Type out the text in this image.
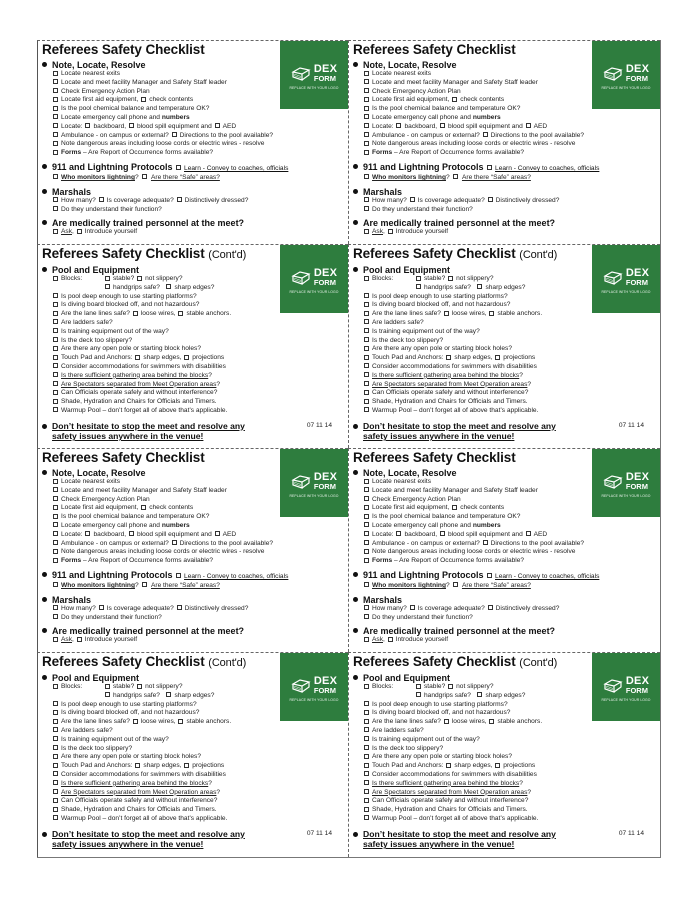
DEX
FORM
REPLACE WITH YOUR LOGO
Referees Safety Checklist
Note, Locate, Resolve
Locate nearest exits
Locate and meet facility Manager and Safety Staff leader
Check Emergency Action Plan
Locate first aid equipment, check contents
Is the pool chemical balance and temperature OK?
Locate emergency call phone and numbers
Locate: backboard, blood spill equipment and AED
Ambulance - on campus or external? Directions to the pool available?
Note dangerous areas including loose cords or electric wires - resolve
Forms – Are Report of Occurrence forms available?
911 and Lightning Protocols Learn - Convey to coaches, officials
Who monitors lightning? Are there “Safe” areas?
Marshals
How many? Is coverage adequate? Distinctively dressed?
Do they understand their function?
Are medically trained personnel at the meet?
Ask, Introduce yourself
DEX
FORM
REPLACE WITH YOUR LOGO
Referees Safety Checklist
Note, Locate, Resolve
Locate nearest exits
Locate and meet facility Manager and Safety Staff leader
Check Emergency Action Plan
Locate first aid equipment, check contents
Is the pool chemical balance and temperature OK?
Locate emergency call phone and numbers
Locate: backboard, blood spill equipment and AED
Ambulance - on campus or external? Directions to the pool available?
Note dangerous areas including loose cords or electric wires - resolve
Forms – Are Report of Occurrence forms available?
911 and Lightning Protocols Learn - Convey to coaches, officials
Who monitors lightning? Are there “Safe” areas?
Marshals
How many? Is coverage adequate? Distinctively dressed?
Do they understand their function?
Are medically trained personnel at the meet?
Ask, Introduce yourself
DEX
FORM
REPLACE WITH YOUR LOGO
Referees Safety Checklist (Cont'd)
Pool and Equipment
Blocks:	stable? not slippery?
handgrips safe? sharp edges?
Is pool deep enough to use starting platforms?
Is diving board blocked off, and not hazardous?
Are the lane lines safe? loose wires, stable anchors.
Are ladders safe?
Is training equipment out of the way?
Is the deck too slippery?
Are there any open pole or starting block holes?
Touch Pad and Anchors: sharp edges, projections
Consider accommodations for swimmers with disabilities
Is there sufficient gathering area behind the blocks?
Are Spectators separated from Meet Operation areas?
Can Officials operate safely and without interference?
Shade, Hydration and Chairs for Officials and Timers.
Warmup Pool – don’t forget all of above that’s applicable.
Don’t hesitate to stop the meet and resolve any safety issues anywhere in the venue!
07 11 14
DEX
FORM
REPLACE WITH YOUR LOGO
Referees Safety Checklist (Cont'd)
Pool and Equipment
Blocks:	stable? not slippery?
handgrips safe? sharp edges?
Is pool deep enough to use starting platforms?
Is diving board blocked off, and not hazardous?
Are the lane lines safe? loose wires, stable anchors.
Are ladders safe?
Is training equipment out of the way?
Is the deck too slippery?
Are there any open pole or starting block holes?
Touch Pad and Anchors: sharp edges, projections
Consider accommodations for swimmers with disabilities
Is there sufficient gathering area behind the blocks?
Are Spectators separated from Meet Operation areas?
Can Officials operate safely and without interference?
Shade, Hydration and Chairs for Officials and Timers.
Warmup Pool – don’t forget all of above that’s applicable.
Don’t hesitate to stop the meet and resolve any safety issues anywhere in the venue!
07 11 14
DEX
FORM
REPLACE WITH YOUR LOGO
Referees Safety Checklist
Note, Locate, Resolve
Locate nearest exits
Locate and meet facility Manager and Safety Staff leader
Check Emergency Action Plan
Locate first aid equipment, check contents
Is the pool chemical balance and temperature OK?
Locate emergency call phone and numbers
Locate: backboard, blood spill equipment and AED
Ambulance - on campus or external? Directions to the pool available?
Note dangerous areas including loose cords or electric wires - resolve
Forms – Are Report of Occurrence forms available?
911 and Lightning Protocols Learn - Convey to coaches, officials
Who monitors lightning? Are there “Safe” areas?
Marshals
How many? Is coverage adequate? Distinctively dressed?
Do they understand their function?
Are medically trained personnel at the meet?
Ask, Introduce yourself
DEX
FORM
REPLACE WITH YOUR LOGO
Referees Safety Checklist
Note, Locate, Resolve
Locate nearest exits
Locate and meet facility Manager and Safety Staff leader
Check Emergency Action Plan
Locate first aid equipment, check contents
Is the pool chemical balance and temperature OK?
Locate emergency call phone and numbers
Locate: backboard, blood spill equipment and AED
Ambulance - on campus or external? Directions to the pool available?
Note dangerous areas including loose cords or electric wires - resolve
Forms – Are Report of Occurrence forms available?
911 and Lightning Protocols Learn - Convey to coaches, officials
Who monitors lightning? Are there “Safe” areas?
Marshals
How many? Is coverage adequate? Distinctively dressed?
Do they understand their function?
Are medically trained personnel at the meet?
Ask, Introduce yourself
DEX
FORM
REPLACE WITH YOUR LOGO
Referees Safety Checklist (Cont'd)
Pool and Equipment
Blocks:	stable? not slippery?
handgrips safe? sharp edges?
Is pool deep enough to use starting platforms?
Is diving board blocked off, and not hazardous?
Are the lane lines safe? loose wires, stable anchors.
Are ladders safe?
Is training equipment out of the way?
Is the deck too slippery?
Are there any open pole or starting block holes?
Touch Pad and Anchors: sharp edges, projections
Consider accommodations for swimmers with disabilities
Is there sufficient gathering area behind the blocks?
Are Spectators separated from Meet Operation areas?
Can Officials operate safely and without interference?
Shade, Hydration and Chairs for Officials and Timers.
Warmup Pool – don’t forget all of above that’s applicable.
Don’t hesitate to stop the meet and resolve any safety issues anywhere in the venue!
07 11 14
DEX
FORM
REPLACE WITH YOUR LOGO
Referees Safety Checklist (Cont'd)
Pool and Equipment
Blocks:	stable? not slippery?
handgrips safe? sharp edges?
Is pool deep enough to use starting platforms?
Is diving board blocked off, and not hazardous?
Are the lane lines safe? loose wires, stable anchors.
Are ladders safe?
Is training equipment out of the way?
Is the deck too slippery?
Are there any open pole or starting block holes?
Touch Pad and Anchors: sharp edges, projections
Consider accommodations for swimmers with disabilities
Is there sufficient gathering area behind the blocks?
Are Spectators separated from Meet Operation areas?
Can Officials operate safely and without interference?
Shade, Hydration and Chairs for Officials and Timers.
Warmup Pool – don’t forget all of above that’s applicable.
Don’t hesitate to stop the meet and resolve any safety issues anywhere in the venue!
07 11 14
